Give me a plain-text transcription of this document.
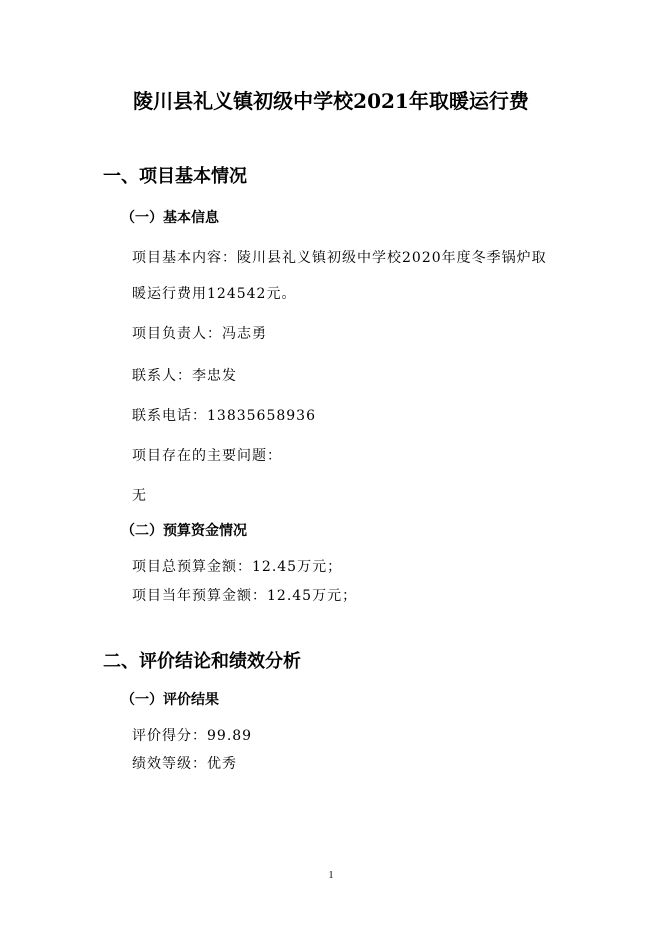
陵川县礼义镇初级中学校2021年取暖运行费
一、项目基本情况
（一）基本信息

项目基本内容：陵川县礼义镇初级中学校2020年度冬季锅炉取

暖运行费用124542元。

项目负责人：冯志勇

联系人：李忠发

联系电话：13835658936

项目存在的主要问题：

无

（二）预算资金情况

项目总预算金额：12.45万元；

项目当年预算金额：12.45万元；

二、评价结论和绩效分析
（一）评价结果

评价得分：99.89

绩效等级：优秀

1
